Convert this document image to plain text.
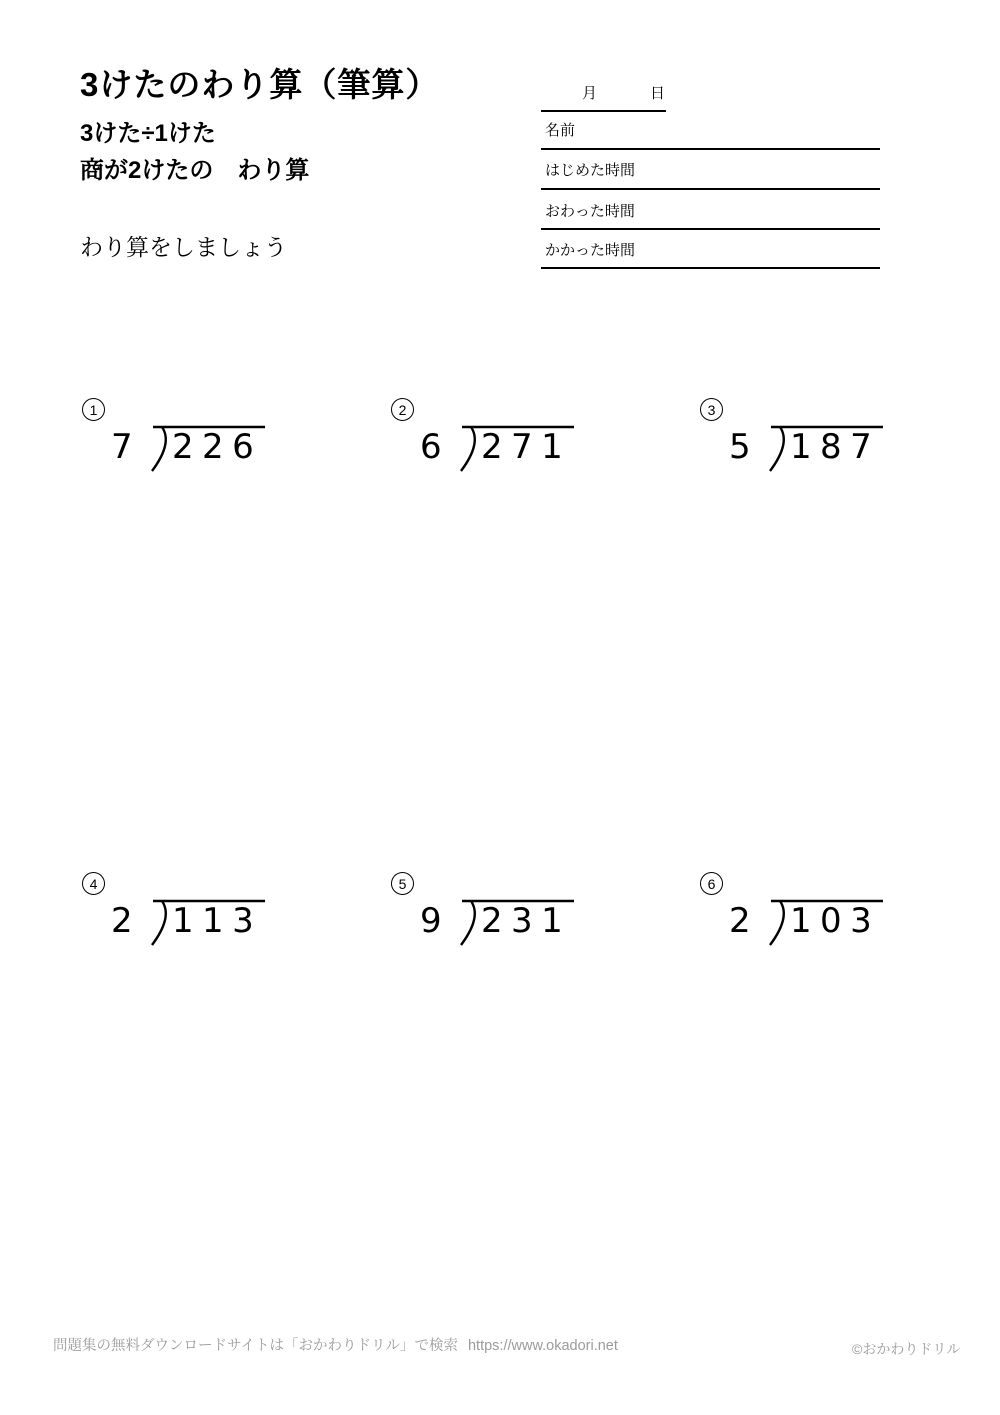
3けたのわり算（筆算）

3けた÷1けた

商が2けたの　わり算

わり算をしましょう

月	日
名前
はじめた時間
おわった時間
かかった時間
1
7 226
2
6 271
3
5 187
4
2 113
5
9 231
6
2 103
問題集の無料ダウンロードサイトは「おかわりドリル」で検索 https://www.okadori.net	©おかわりドリル
